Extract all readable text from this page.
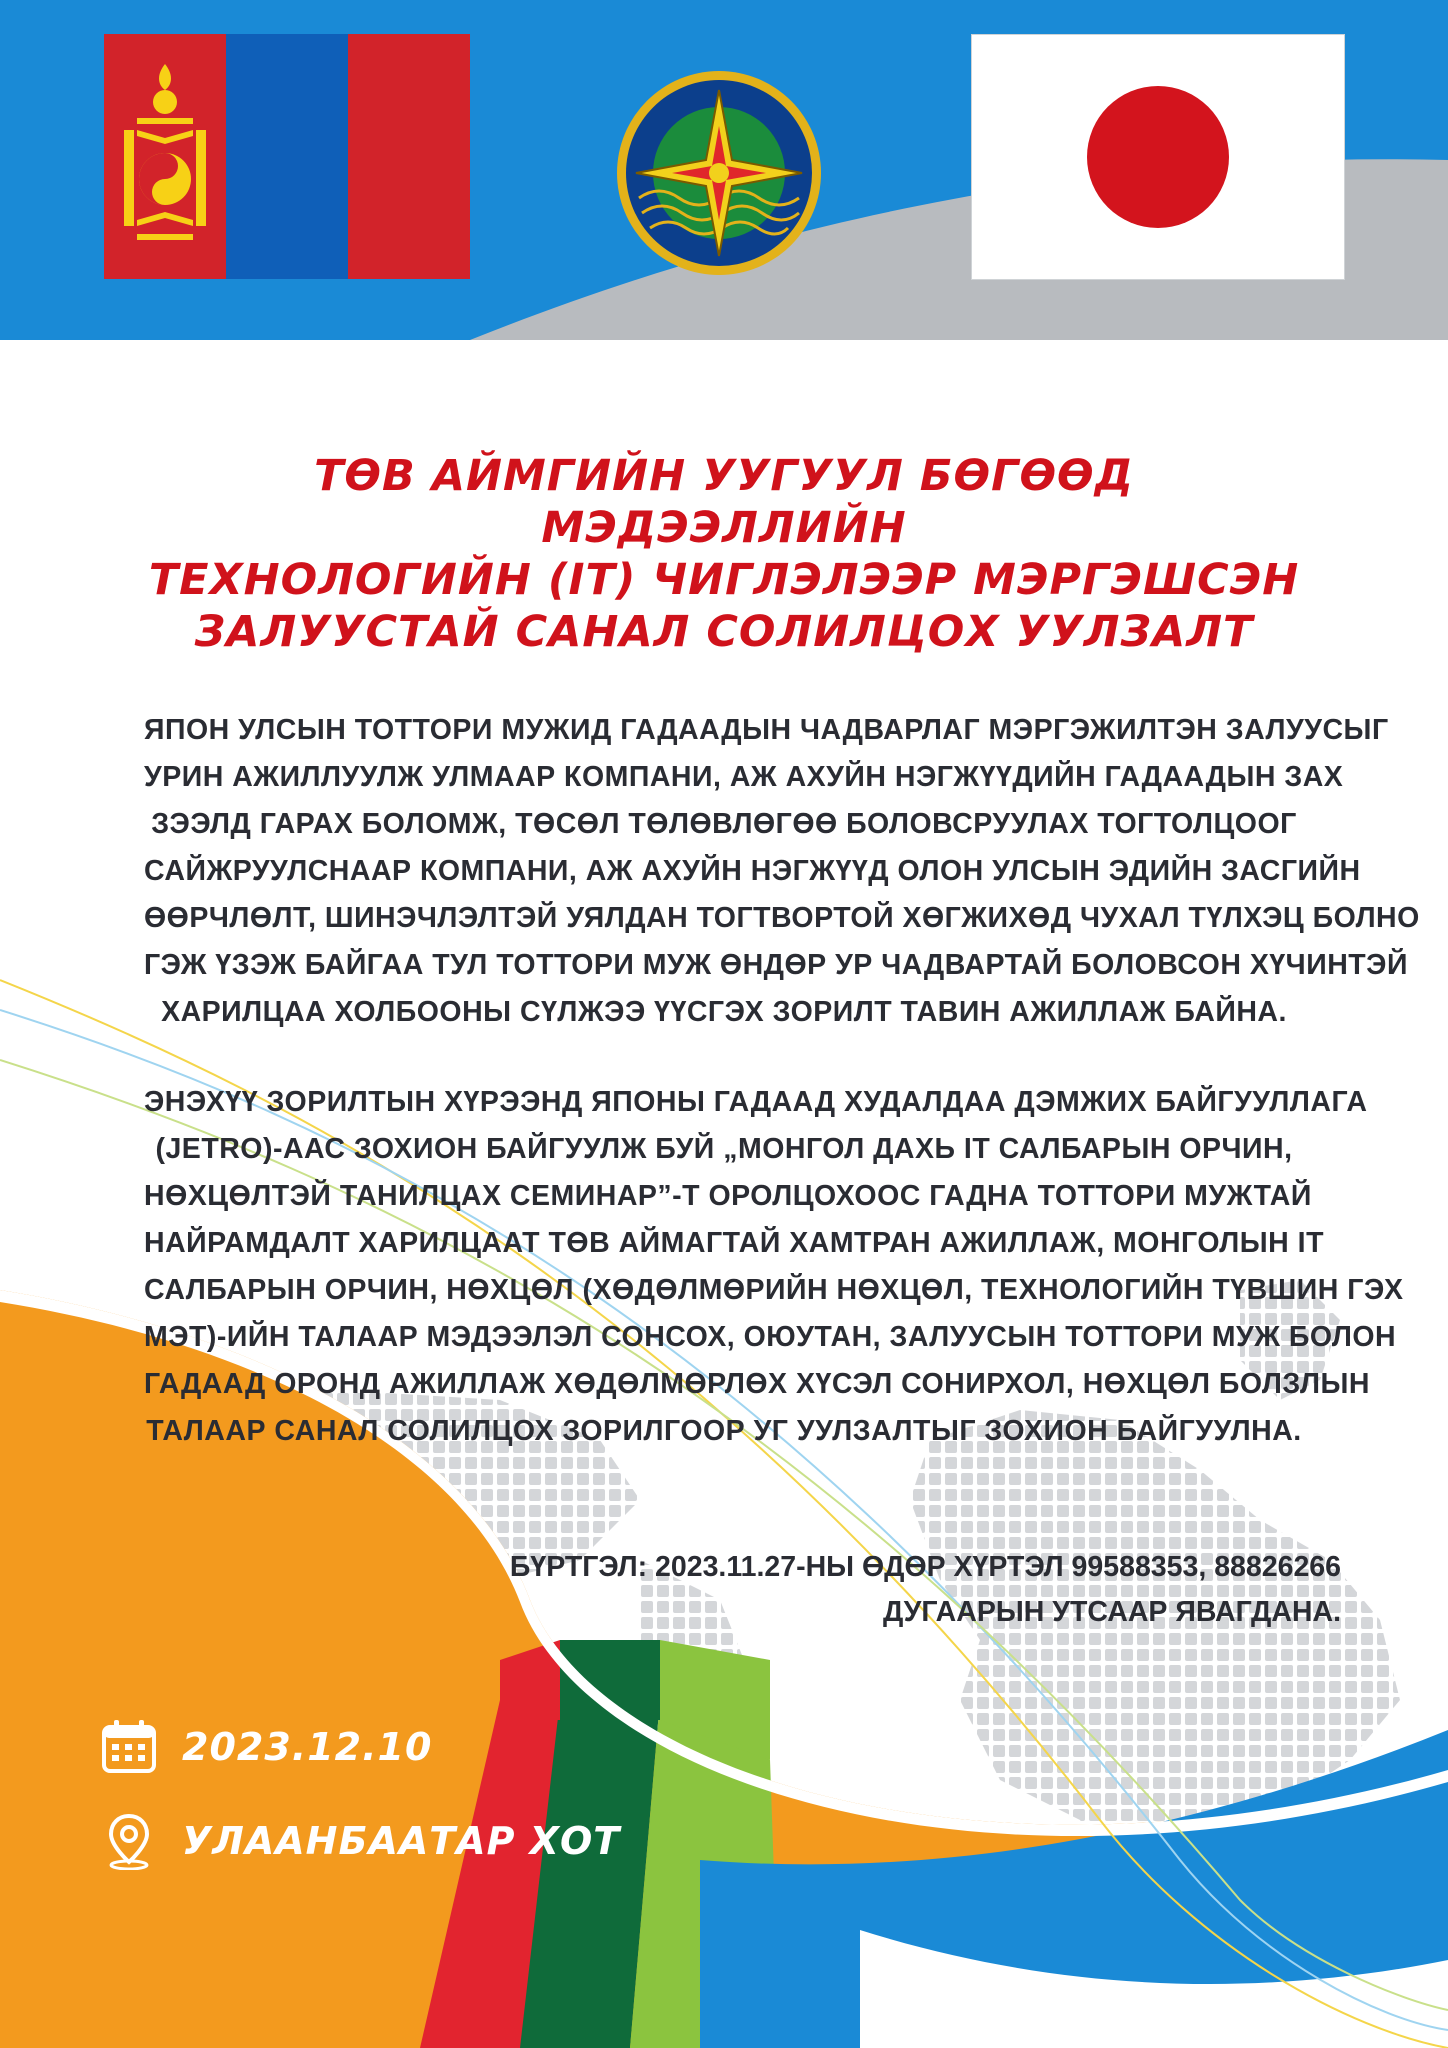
ТӨВ АЙМГИЙН УУГУУЛ БӨГӨӨД МЭДЭЭЛЛИЙН
ТЕХНОЛОГИЙН (IT) ЧИГЛЭЛЭЭР МЭРГЭШСЭН
ЗАЛУУСТАЙ САНАЛ СОЛИЛЦОХ УУЛЗАЛТ
ЯПОН УЛСЫН ТОТТОРИ МУЖИД ГАДААДЫН ЧАДВАРЛАГ МЭРГЭЖИЛТЭН ЗАЛУУСЫГ
УРИН АЖИЛЛУУЛЖ УЛМААР КОМПАНИ, АЖ АХУЙН НЭГЖҮҮДИЙН ГАДААДЫН ЗАХ
ЗЭЭЛД ГАРАХ БОЛОМЖ, ТӨСӨЛ ТӨЛӨВЛӨГӨӨ БОЛОВСРУУЛАХ ТОГТОЛЦООГ
САЙЖРУУЛСНААР КОМПАНИ, АЖ АХУЙН НЭГЖҮҮД ОЛОН УЛСЫН ЭДИЙН ЗАСГИЙН
ӨӨРЧЛӨЛТ, ШИНЭЧЛЭЛТЭЙ УЯЛДАН ТОГТВОРТОЙ ХӨГЖИХӨД ЧУХАЛ ТҮЛХЭЦ БОЛНО
ГЭЖ ҮЗЭЖ БАЙГАА ТУЛ ТОТТОРИ МУЖ ӨНДӨР УР ЧАДВАРТАЙ БОЛОВСОН ХҮЧИНТЭЙ
ХАРИЛЦАА ХОЛБООНЫ СҮЛЖЭЭ ҮҮСГЭХ ЗОРИЛТ ТАВИН АЖИЛЛАЖ БАЙНА.
ЭНЭХҮҮ ЗОРИЛТЫН ХҮРЭЭНД ЯПОНЫ ГАДААД ХУДАЛДАА ДЭМЖИХ БАЙГУУЛЛАГА
(JETRO)-ААС ЗОХИОН БАЙГУУЛЖ БУЙ „МОНГОЛ ДАХЬ IT САЛБАРЫН ОРЧИН,
НӨХЦӨЛТЭЙ ТАНИЛЦАХ СЕМИНАР”-Т ОРОЛЦОХООС ГАДНА ТОТТОРИ МУЖТАЙ
НАЙРАМДАЛТ ХАРИЛЦААТ ТӨВ АЙМАГТАЙ ХАМТРАН АЖИЛЛАЖ, МОНГОЛЫН IT
САЛБАРЫН ОРЧИН, НӨХЦӨЛ (ХӨДӨЛМӨРИЙН НӨХЦӨЛ, ТЕХНОЛОГИЙН ТҮВШИН ГЭХ
МЭТ)-ИЙН ТАЛААР МЭДЭЭЛЭЛ СОНСОХ, ОЮУТАН, ЗАЛУУСЫН ТОТТОРИ МУЖ БОЛОН
ГАДААД ОРОНД АЖИЛЛАЖ ХӨДӨЛМӨРЛӨХ ХҮСЭЛ СОНИРХОЛ, НӨХЦӨЛ БОЛЗЛЫН
ТАЛААР САНАЛ СОЛИЛЦОХ ЗОРИЛГООР УГ УУЛЗАЛТЫГ ЗОХИОН БАЙГУУЛНА.
БҮРТГЭЛ: 2023.11.27-НЫ ӨДӨР ХҮРТЭЛ 99588353, 88826266
ДУГААРЫН УТСААР ЯВАГДАНА.
2023.12.10
УЛААНБААТАР ХОТ
